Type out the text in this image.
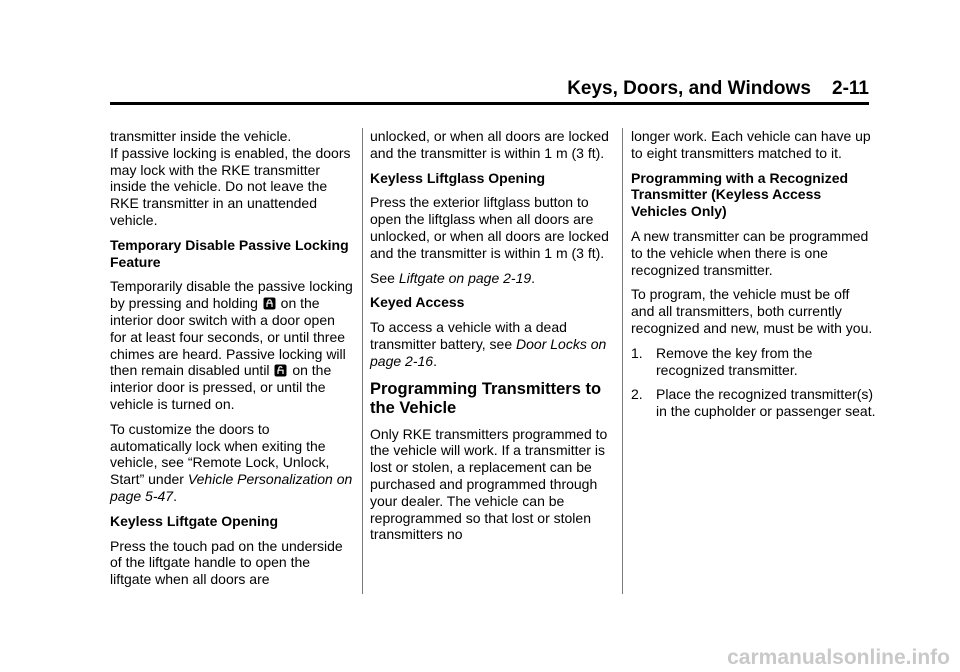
Keys, Doors, and Windows 2-11

transmitter inside the vehicle.

If passive locking is enabled, the doors may lock with the RKE transmitter inside the vehicle. Do not leave the RKE transmitter in an unattended vehicle.

Temporary Disable Passive Locking Feature

Temporarily disable the passive locking by pressing and holding on the interior door switch with a door open for at least four seconds, or until three chimes are heard. Passive locking will then remain disabled until on the interior door is pressed, or until the vehicle is turned on.

To customize the doors to automatically lock when exiting the vehicle, see “Remote Lock, Unlock, Start” under Vehicle Personalization on page 5-47.

Keyless Liftgate Opening

Press the touch pad on the underside of the liftgate handle to open the liftgate when all doors are

unlocked, or when all doors are locked and the transmitter is within 1 m (3 ft).

Keyless Liftglass Opening

Press the exterior liftglass button to open the liftglass when all doors are unlocked, or when all doors are locked and the transmitter is within 1 m (3 ft).

See Liftgate on page 2-19.

Keyed Access

To access a vehicle with a dead transmitter battery, see Door Locks on page 2-16.

Programming Transmitters to the Vehicle

Only RKE transmitters programmed to the vehicle will work. If a transmitter is lost or stolen, a replacement can be purchased and programmed through your dealer. The vehicle can be reprogrammed so that lost or stolen transmitters no

longer work. Each vehicle can have up to eight transmitters matched to it.

Programming with a Recognized Transmitter (Keyless Access Vehicles Only)

A new transmitter can be programmed to the vehicle when there is one recognized transmitter.

To program, the vehicle must be off and all transmitters, both currently recognized and new, must be with you.

1. Remove the key from the recognized transmitter.
2. Place the recognized transmitter(s) in the cupholder or passenger seat.
carmanualsonline.info
